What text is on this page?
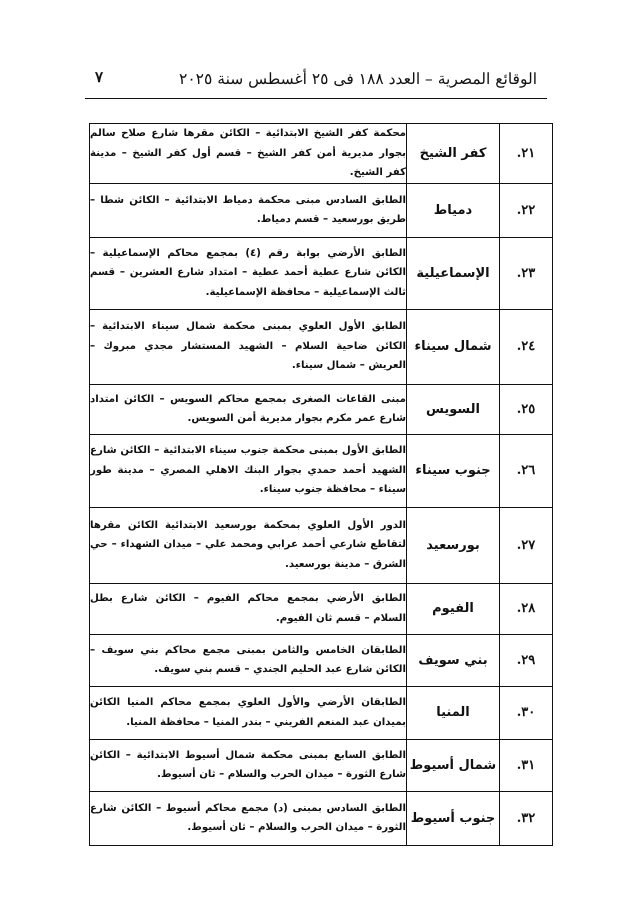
الوقائع المصرية – العدد ١٨٨ فى ٢٥ أغسطس سنة ٢٠٢٥
٧
٢١.	كفر الشيخ	محكمة كفر الشيخ الابتدائية – الكائن مقرها شارع صلاح سالم بجوار مديرية أمن كفر الشيخ – قسم أول كفر الشيخ – مدينة كفر الشيخ.

٢٢.	دمياط	الطابق السادس مبنى محكمة دمياط الابتدائية – الكائن شطا – طريق بورسعيد – قسم دمياط.

٢٣.	الإسماعيلية	الطابق الأرضي بوابة رقم (٤) بمجمع محاكم الإسماعيلية – الكائن شارع عطية أحمد عطية – امتداد شارع العشرين – قسم ثالث الإسماعيلية – محافظة الإسماعيلية.

٢٤.	شمال سيناء	الطابق الأول العلوي بمبنى محكمة شمال سيناء الابتدائية – الكائن ضاحية السلام – الشهيد المستشار مجدي مبروك – العريش – شمال سيناء.

٢٥.	السويس	مبنى القاعات الصغرى بمجمع محاكم السويس – الكائن امتداد شارع عمر مكرم بجوار مديرية أمن السويس.

٢٦.	جنوب سيناء	الطابق الأول بمبنى محكمة جنوب سيناء الابتدائية – الكائن شارع الشهيد أحمد حمدي بجوار البنك الاهلي المصري – مدينة طور سيناء – محافظة جنوب سيناء.

٢٧.	بورسعيد	الدور الأول العلوي بمحكمة بورسعيد الابتدائية الكائن مقرها لتقاطع شارعي أحمد عرابي ومحمد علي – ميدان الشهداء – حي الشرق – مدينة بورسعيد.

٢٨.	الفيوم	الطابق الأرضي بمجمع محاكم الفيوم – الكائن شارع بطل السلام – قسم ثان الفيوم.

٢٩.	بني سويف	الطابقان الخامس والثامن بمبنى مجمع محاكم بني سويف – الكائن شارع عبد الحليم الجندي – قسم بني سويف.

٣٠.	المنيا	الطابقان الأرضي والأول العلوي بمجمع محاكم المنيا الكائن بميدان عبد المنعم الفريني – بندر المنيا – محافظة المنيا.

٣١.	شمال أسيوط	الطابق السابع بمبنى محكمة شمال أسيوط الابتدائية – الكائن شارع الثورة – ميدان الحرب والسلام – ثان أسيوط.

٣٢.	جنوب أسيوط	الطابق السادس بمبنى (د) مجمع محاكم أسيوط – الكائن شارع الثورة – ميدان الحرب والسلام – ثان أسيوط.
